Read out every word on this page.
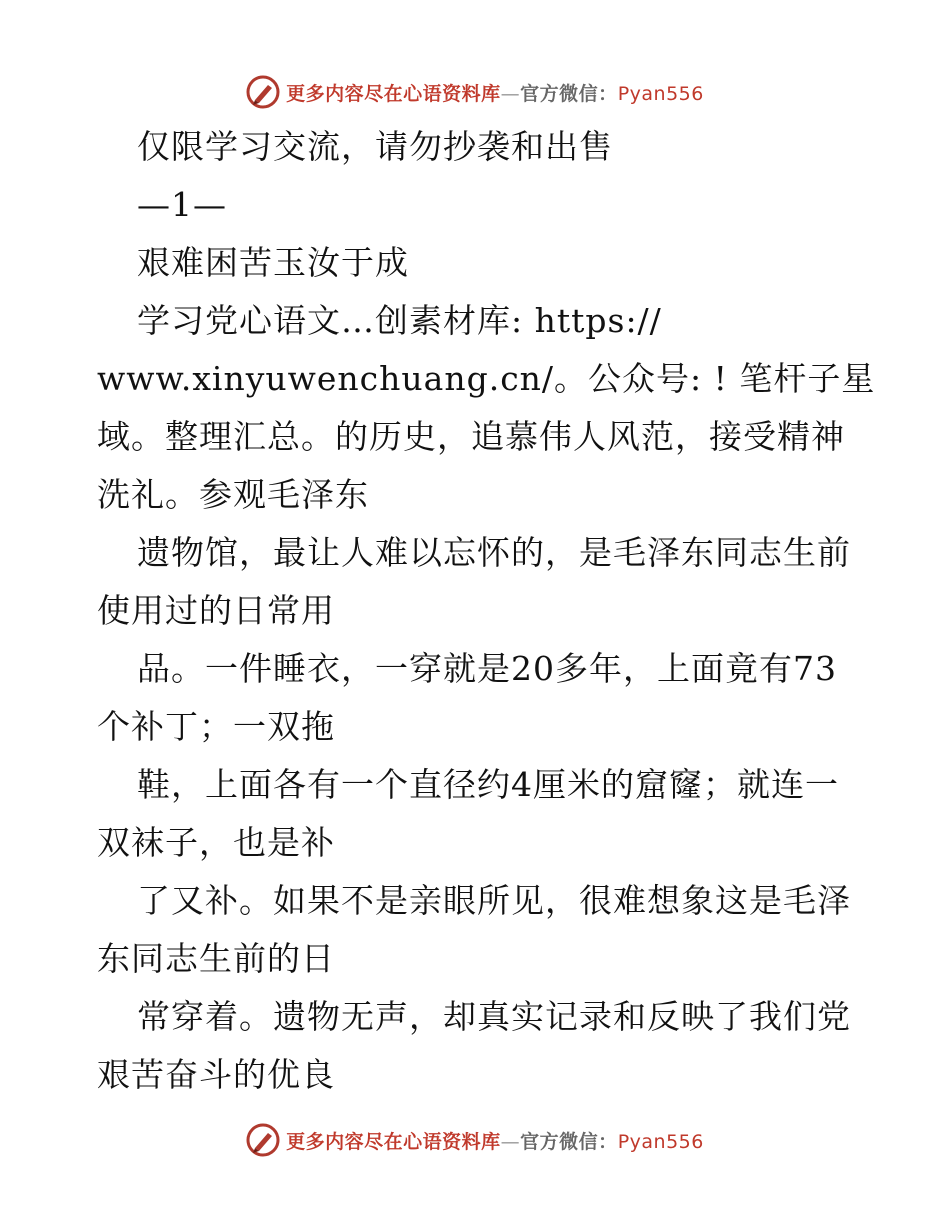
更多内容尽在心语资料库—官方微信：Pyan556
仅限学习交流，请勿抄袭和出售
—1—
艰难困苦玉汝于成
学习党心语文…创素材库: https://
www.xinyuwenchuang.cn/。公众号: ! 笔杆子星
域。整理汇总。的历史，追慕伟人风范，接受精神
洗礼。参观毛泽东
遗物馆，最让人难以忘怀的，是毛泽东同志生前
使用过的日常用
品。一件睡衣，一穿就是20多年，上面竟有73
个补丁；一双拖
鞋，上面各有一个直径约4厘米的窟窿；就连一
双袜子，也是补
了又补。如果不是亲眼所见，很难想象这是毛泽
东同志生前的日
常穿着。遗物无声，却真实记录和反映了我们党
艰苦奋斗的优良
更多内容尽在心语资料库—官方微信：Pyan556
